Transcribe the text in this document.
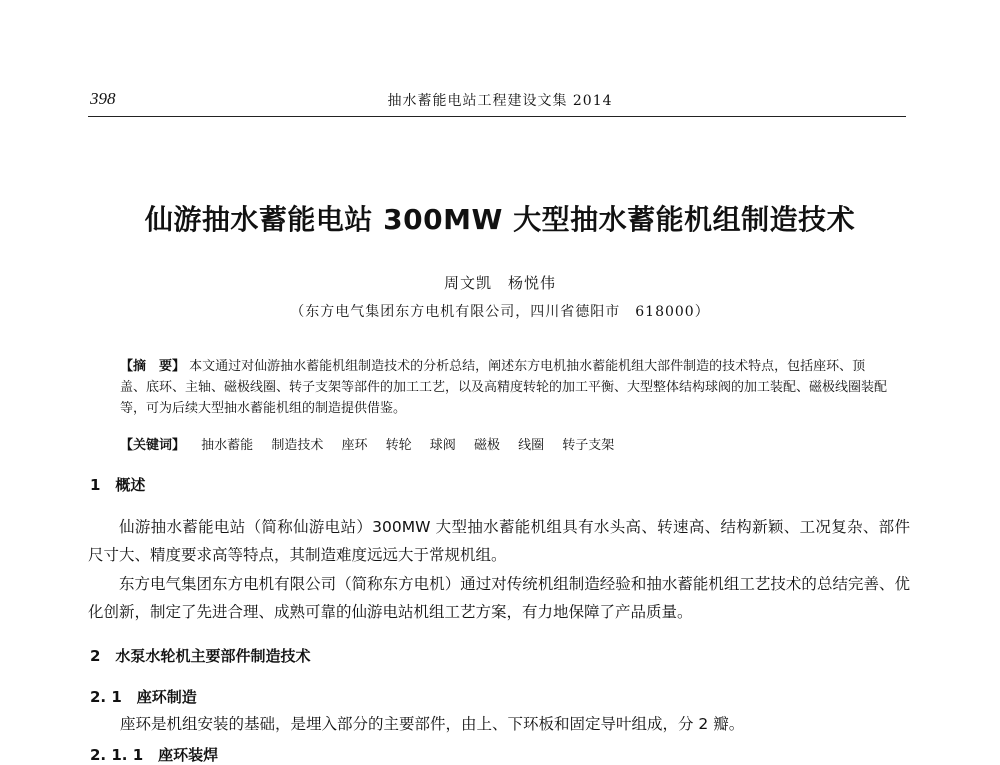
398	抽水蓄能电站工程建设文集 2014
仙游抽水蓄能电站 300MW 大型抽水蓄能机组制造技术
周文凯　杨悦伟
（东方电气集团东方电机有限公司，四川省德阳市　618000）
【摘　要】 本文通过对仙游抽水蓄能机组制造技术的分析总结，阐述东方电机抽水蓄能机组大部件制造的技术特点，包括座环、顶盖、底环、主轴、磁极线圈、转子支架等部件的加工工艺，以及高精度转轮的加工平衡、大型整体结构球阀的加工装配、磁极线圈装配等，可为后续大型抽水蓄能机组的制造提供借鉴。
【关键词】 抽水蓄能 制造技术 座环 转轮 球阀 磁极 线圈 转子支架
1　概述
仙游抽水蓄能电站（简称仙游电站）300MW 大型抽水蓄能机组具有水头高、转速高、结构新颖、工况复杂、部件尺寸大、精度要求高等特点，其制造难度远远大于常规机组。
东方电气集团东方电机有限公司（简称东方电机）通过对传统机组制造经验和抽水蓄能机组工艺技术的总结完善、优化创新，制定了先进合理、成熟可靠的仙游电站机组工艺方案，有力地保障了产品质量。
2　水泵水轮机主要部件制造技术
2. 1　座环制造
座环是机组安装的基础，是埋入部分的主要部件，由上、下环板和固定导叶组成，分 2 瓣。
2. 1. 1　座环装焊
